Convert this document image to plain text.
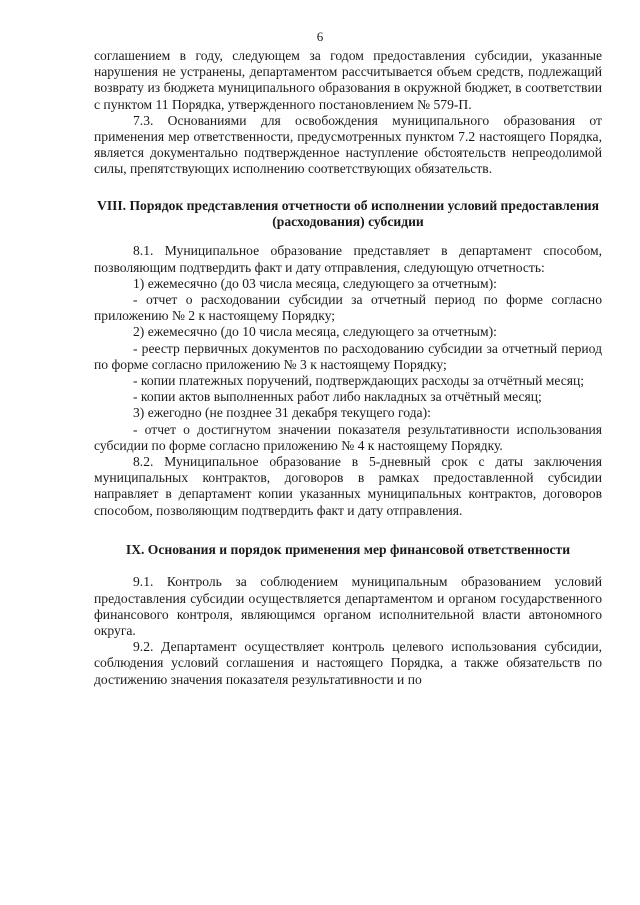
6

соглашением в году, следующем за годом предоставления субсидии, указанные нарушения не устранены, департаментом рассчитывается объем средств, подлежащий возврату из бюджета муниципального образования в окружной бюджет, в соответствии с пунктом 11 Порядка, утвержденного постановлением № 579-П.

7.3. Основаниями для освобождения муниципального образования от применения мер ответственности, предусмотренных пунктом 7.2 настоящего Порядка, является документально подтвержденное наступление обстоятельств непреодолимой силы, препятствующих исполнению соответствующих обязательств.

VIII. Порядок представления отчетности об исполнении условий предоставления (расходования) субсидии

8.1. Муниципальное образование представляет в департамент способом, позволяющим подтвердить факт и дату отправления, следующую отчетность:

1) ежемесячно (до 03 числа месяца, следующего за отчетным):

- отчет о расходовании субсидии за отчетный период по форме согласно приложению № 2 к настоящему Порядку;

2) ежемесячно (до 10 числа месяца, следующего за отчетным):

- реестр первичных документов по расходованию субсидии за отчетный период по форме согласно приложению № 3 к настоящему Порядку;

- копии платежных поручений, подтверждающих расходы за отчётный месяц;

- копии актов выполненных работ либо накладных за отчётный месяц;

3) ежегодно (не позднее 31 декабря текущего года):

- отчет о достигнутом значении показателя результативности использования субсидии по форме согласно приложению № 4 к настоящему Порядку.

8.2. Муниципальное образование в 5-дневный срок с даты заключения муниципальных контрактов, договоров в рамках предоставленной субсидии направляет в департамент копии указанных муниципальных контрактов, договоров способом, позволяющим подтвердить факт и дату отправления.

IX. Основания и порядок применения мер финансовой ответственности

9.1. Контроль за соблюдением муниципальным образованием условий предоставления субсидии осуществляется департаментом и органом государственного финансового контроля, являющимся органом исполнительной власти автономного округа.

9.2. Департамент осуществляет контроль целевого использования субсидии, соблюдения условий соглашения и настоящего Порядка, а также обязательств по достижению значения показателя результативности и по
